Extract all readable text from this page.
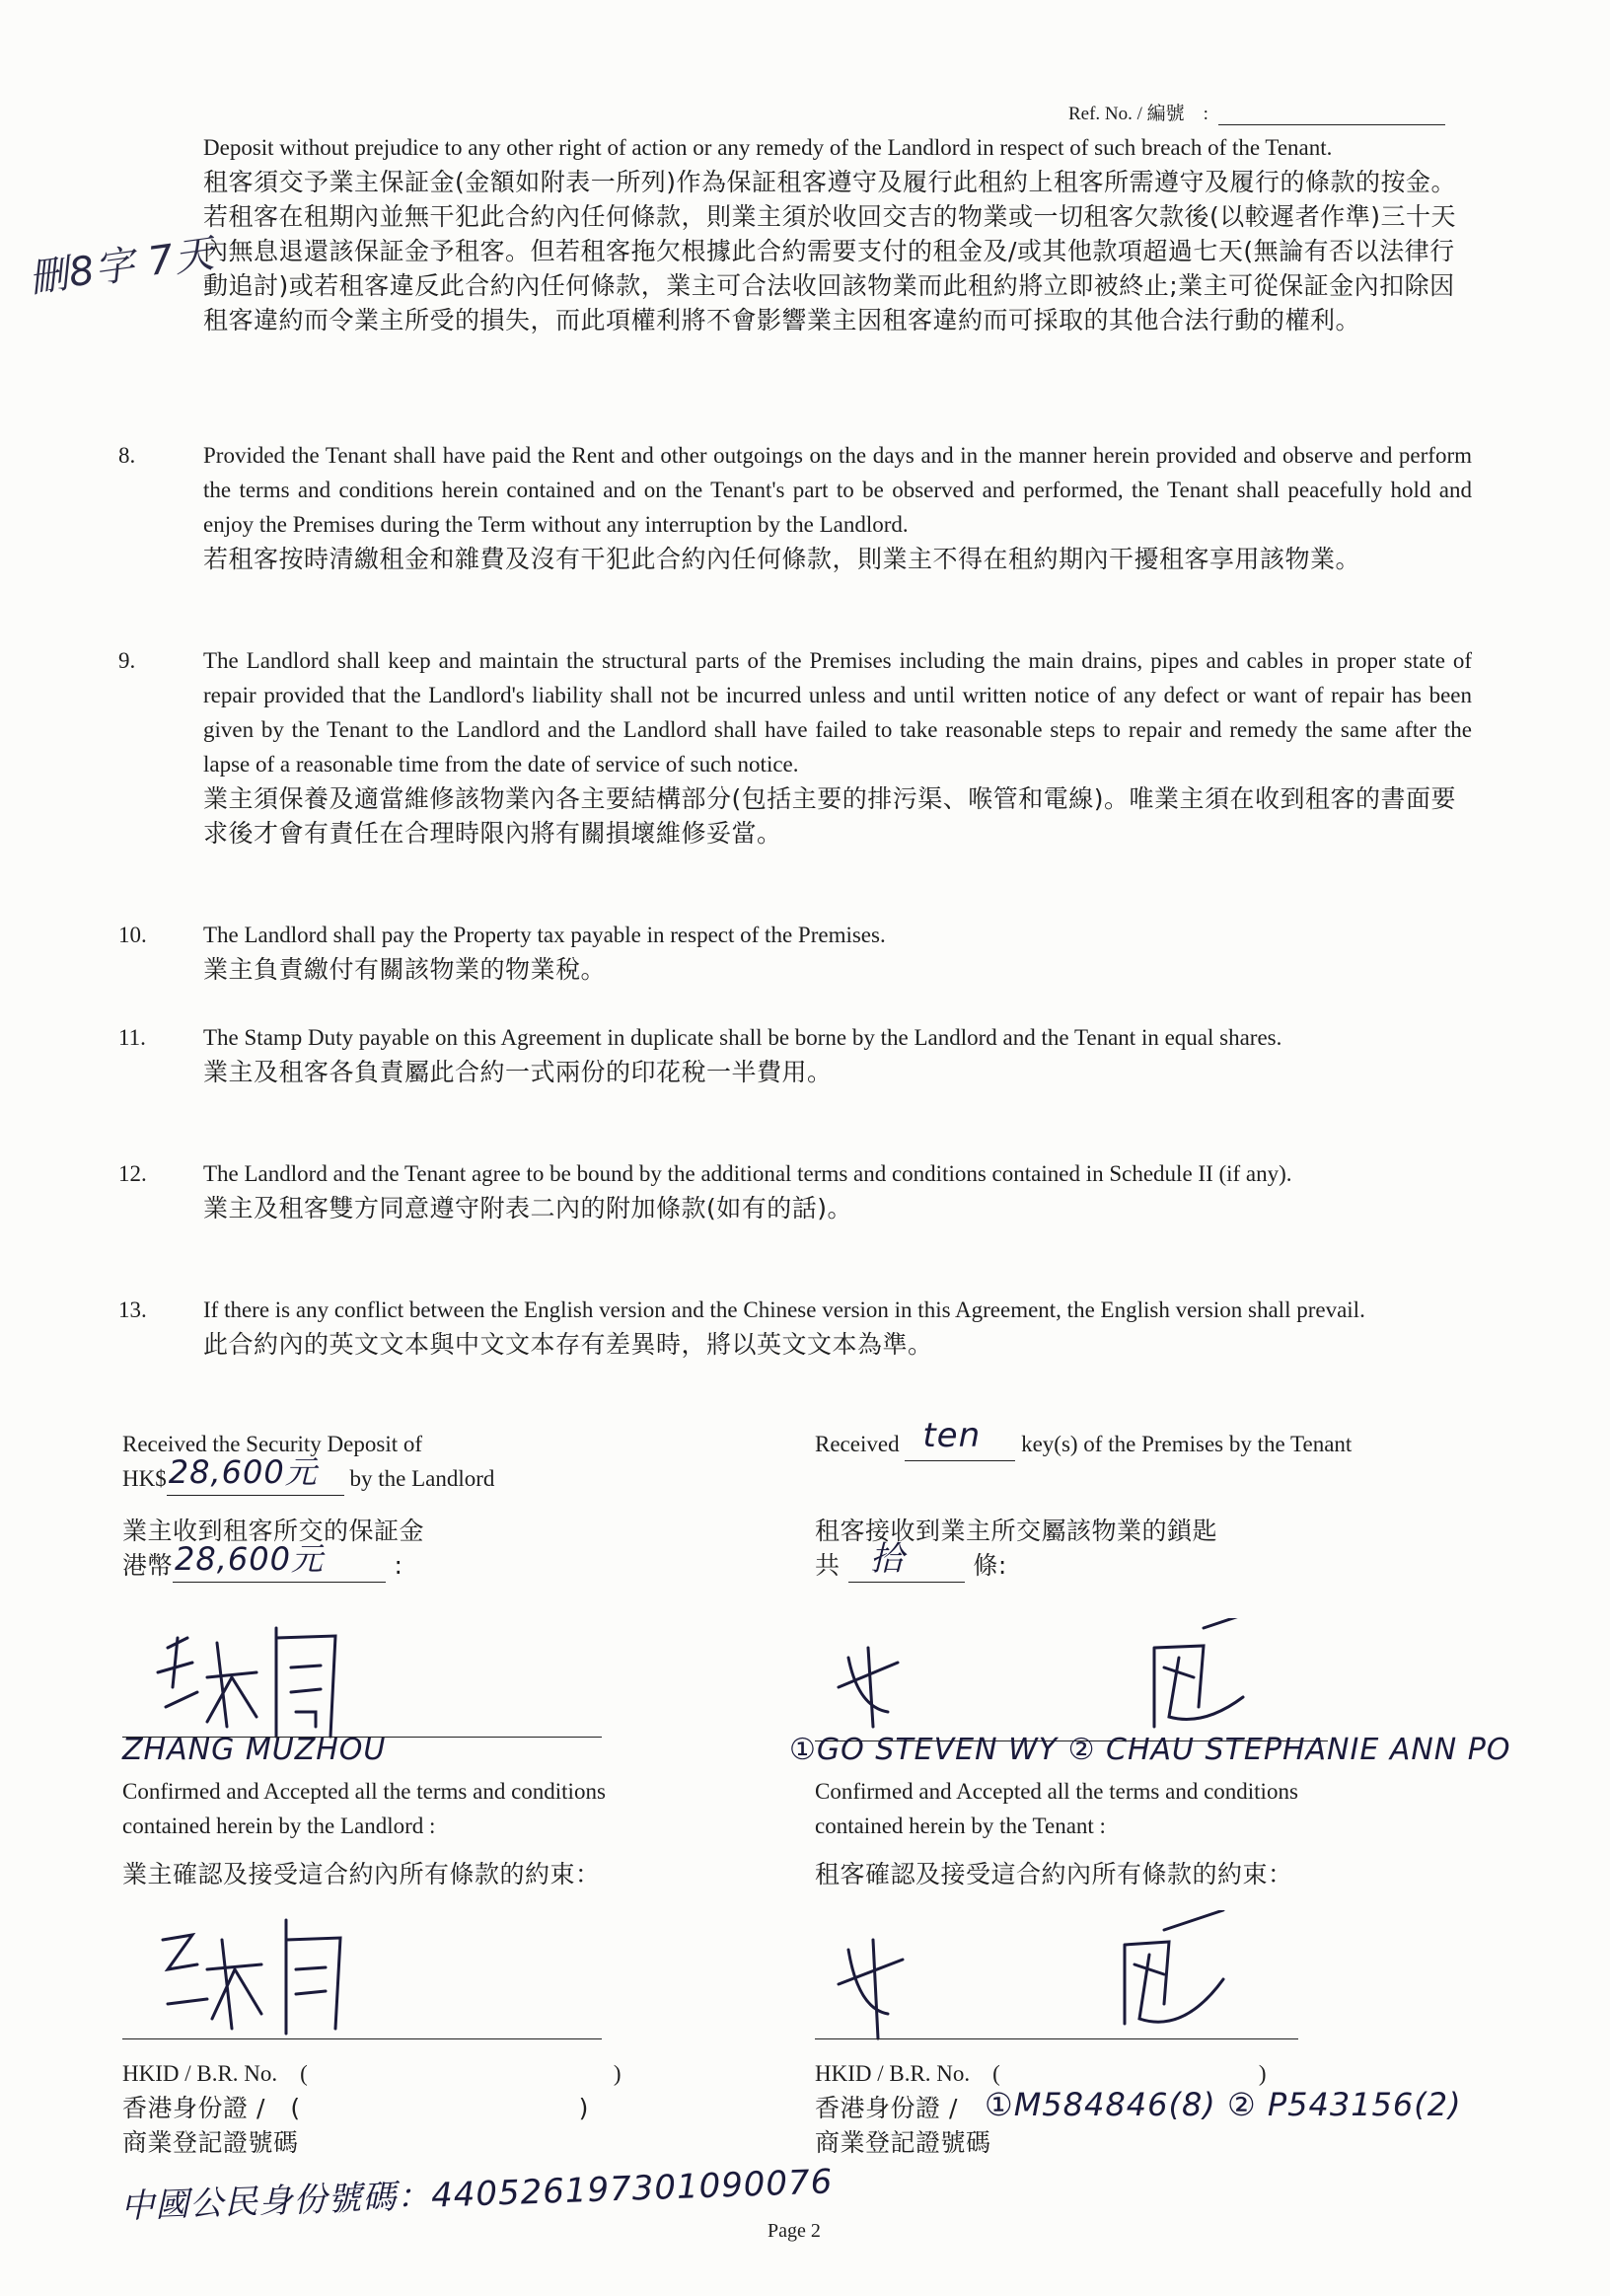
Ref. No. / 編號　:
刪8字 7天

Deposit without prejudice to any other right of action or any remedy of the Landlord in respect of such breach of the Tenant.

租客須交予業主保証金(金額如附表一所列)作為保証租客遵守及履行此租約上租客所需遵守及履行的條款的按金。若租客在租期內並無干犯此合約內任何條款，則業主須於收回交吉的物業或一切租客欠款後(以較遲者作準)三十天內無息退還該保証金予租客。但若租客拖欠根據此合約需要支付的租金及/或其他款項超過七天(無論有否以法律行動追討)或若租客違反此合約內任何條款，業主可合法收回該物業而此租約將立即被終止;業主可從保証金內扣除因租客違約而令業主所受的損失，而此項權利將不會影響業主因租客違約而可採取的其他合法行動的權利。

8.	Provided the Tenant shall have paid the Rent and other outgoings on the days and in the manner herein provided and observe and perform the terms and conditions herein contained and on the Tenant's part to be observed and performed, the Tenant shall peacefully hold and enjoy the Premises during the Term without any interruption by the Landlord.

若租客按時清繳租金和雜費及沒有干犯此合約內任何條款，則業主不得在租約期內干擾租客享用該物業。

9.	The Landlord shall keep and maintain the structural parts of the Premises including the main drains, pipes and cables in proper state of repair provided that the Landlord's liability shall not be incurred unless and until written notice of any defect or want of repair has been given by the Tenant to the Landlord and the Landlord shall have failed to take reasonable steps to repair and remedy the same after the lapse of a reasonable time from the date of service of such notice.

業主須保養及適當維修該物業內各主要結構部分(包括主要的排污渠、喉管和電線)。唯業主須在收到租客的書面要求後才會有責任在合理時限內將有關損壞維修妥當。

10.	The Landlord shall pay the Property tax payable in respect of the Premises.

業主負責繳付有關該物業的物業稅。

11.	The Stamp Duty payable on this Agreement in duplicate shall be borne by the Landlord and the Tenant in equal shares.

業主及租客各負責屬此合約一式兩份的印花稅一半費用。

12.	The Landlord and the Tenant agree to be bound by the additional terms and conditions contained in Schedule II (if any).

業主及租客雙方同意遵守附表二內的附加條款(如有的話)。

13.	If there is any conflict between the English version and the Chinese version in this Agreement, the English version shall prevail.

此合約內的英文文本與中文文本存有差異時，將以英文文本為準。

Received the Security Deposit of
HK$ 28,600元 by the Landlord
業主收到租客所交的保証金
港幣 28,600元	:
Received ten key(s) of the Premises by the Tenant
租客接收到業主所交屬該物業的鎖匙
共 拾	條:
ZHANG MUZHOU
Confirmed and Accepted all the terms and conditions
contained herein by the Landlord :
業主確認及接受這合約內所有條款的約束：
①GO STEVEN WY ② CHAU STEPHANIE ANN PO
Confirmed and Accepted all the terms and conditions
contained herein by the Tenant :
租客確認及接受這合約內所有條款的約束：
HKID / B.R. No.　(	)
香港身份證 /　(	)
商業登記證號碼
中國公民身份號碼：440526197301090076
HKID / B.R. No.　(	)
香港身份證 /
商業登記證號碼
①M584846(8) ② P543156(2)
Page 2
